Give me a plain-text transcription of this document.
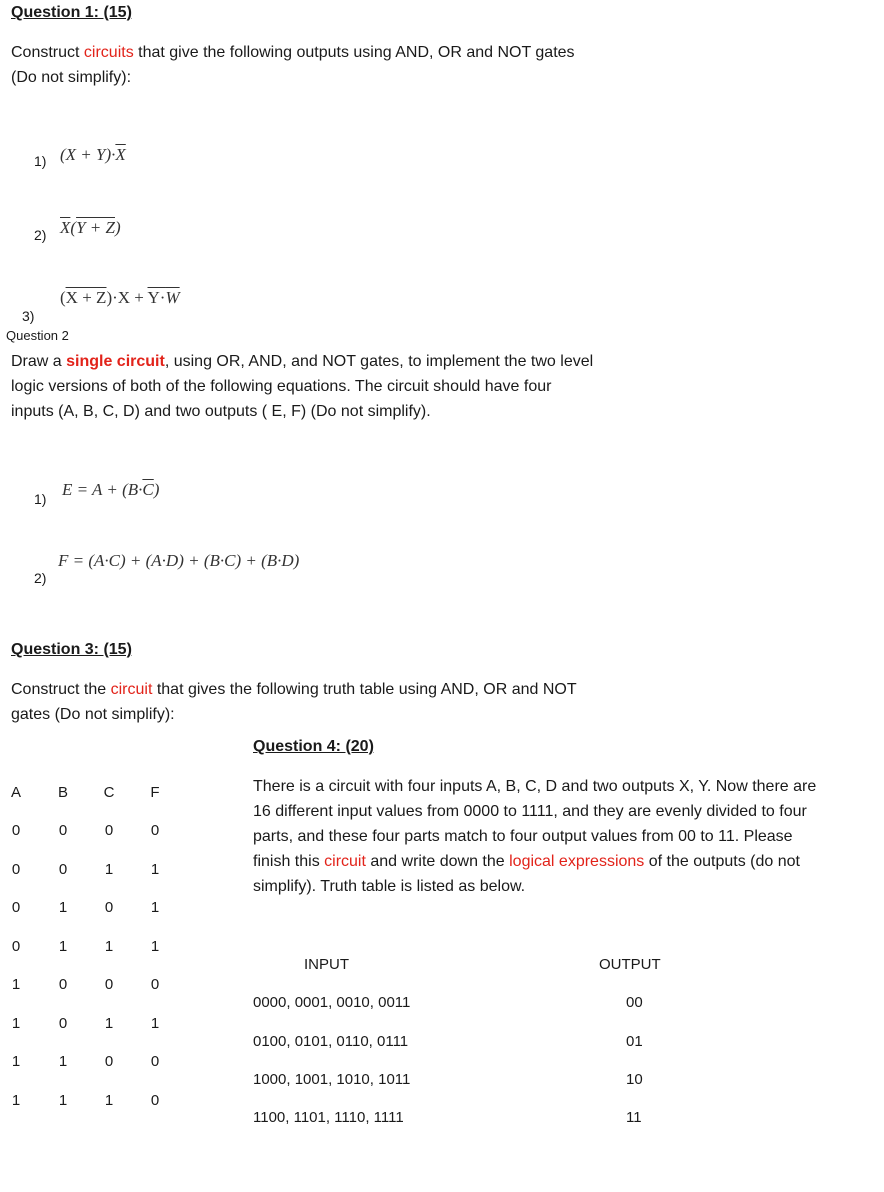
Question 1: (15)
Construct circuits that give the following outputs using AND, OR and NOT gates
(Do not simplify):
1) $(X + Y)\cdot\overline{X}$
2) $\overline{X}(Y + Z)$
(X + Z)·X + Y·W
3)
Question 2
Draw a single circuit, using OR, AND, and NOT gates, to implement the two level
logic versions of both of the following equations. The circuit should have four
inputs (A, B, C, D) and two outputs ( E, F) (Do not simplify).
1) $E = A + (B\cdot\overline{C})$
2)
F = (A·C) + (A·D) + (B·C) + (B·D)
Question 3: (15)
Construct the circuit that gives the following truth table using AND, OR and NOT
gates (Do not simplify):
A	B	C	F
0	0	0	0
0	0	1	1
0	1	0	1
0	1	1	1
1	0	0	0
1	0	1	1
1	1	0	0
1	1	1	0
Question 4: (20)
There is a circuit with four inputs A, B, C, D and two outputs X, Y. Now there are
16 different input values from 0000 to 1111, and they are evenly divided to four
parts, and these four parts match to four output values from 00 to 11. Please
finish this circuit and write down the logical expressions of the outputs (do not
simplify). Truth table is listed as below.
INPUT	OUTPUT
0000, 0001, 0010, 0011	00
0100, 0101, 0110, 0111	01
1000, 1001, 1010, 1011	10
1100, 1101, 1110, 1111	11
